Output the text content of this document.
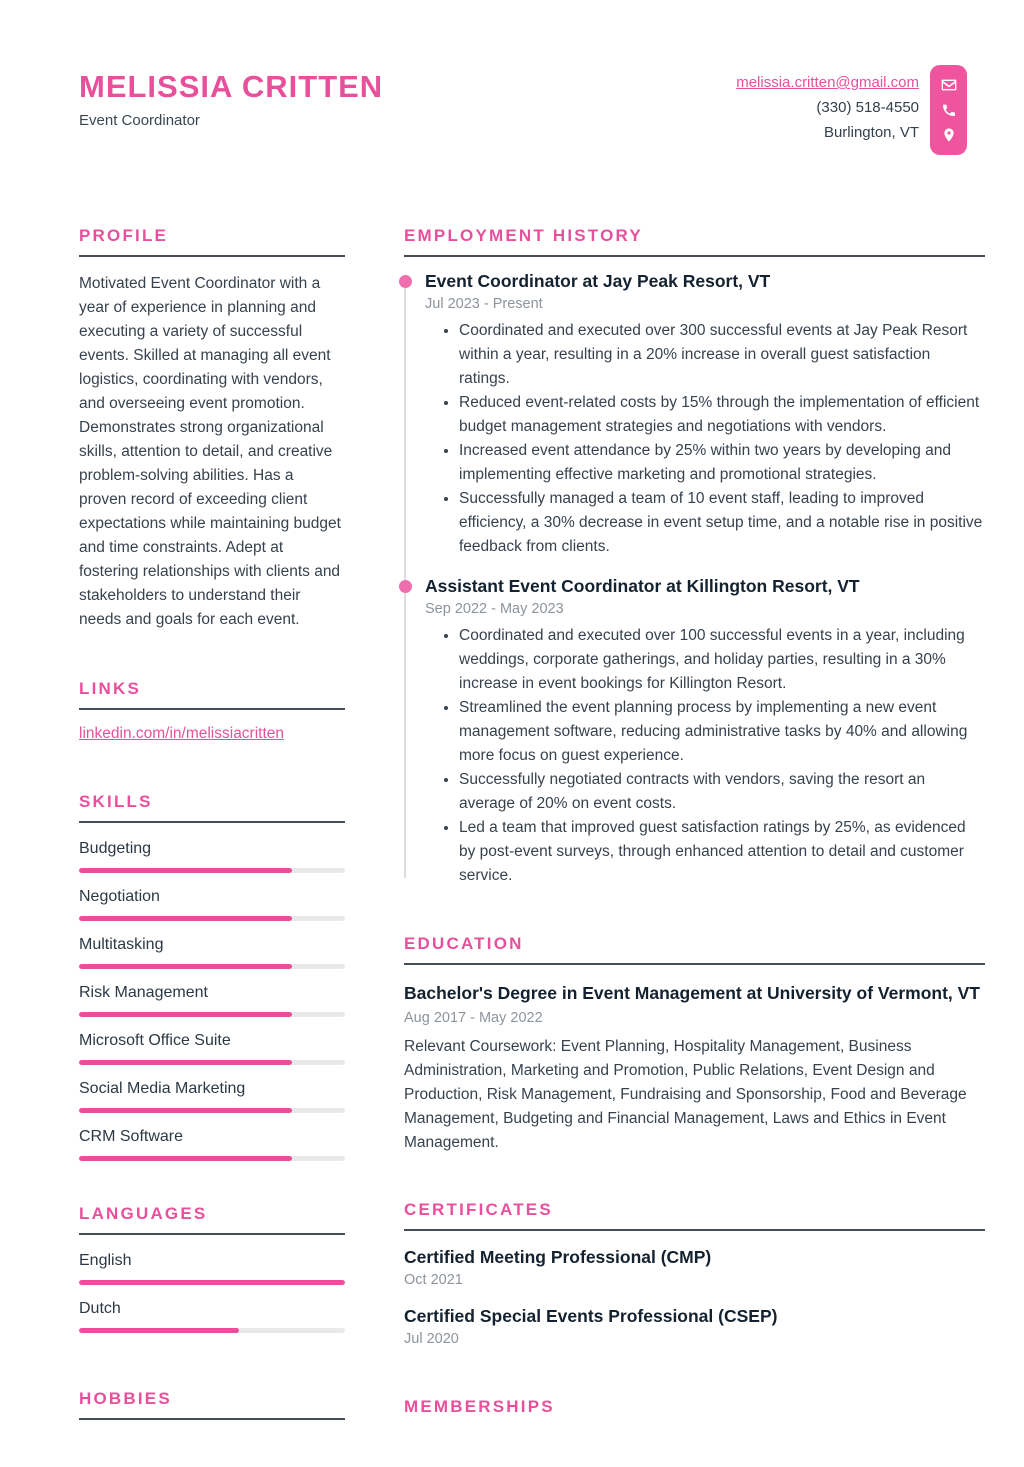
MELISSIA CRITTEN
Event Coordinator
melissia.critten@gmail.com
(330) 518-4550
Burlington, VT
PROFILE
Motivated Event Coordinator with a year of experience in planning and executing a variety of successful events. Skilled at managing all event logistics, coordinating with vendors, and overseeing event promotion. Demonstrates strong organizational skills, attention to detail, and creative problem-solving abilities. Has a proven record of exceeding client expectations while maintaining budget and time constraints. Adept at fostering relationships with clients and stakeholders to understand their needs and goals for each event.
LINKS
linkedin.com/in/melissiacritten
SKILLS
Budgeting
Negotiation
Multitasking
Risk Management
Microsoft Office Suite
Social Media Marketing
CRM Software
LANGUAGES
English
Dutch
HOBBIES
EMPLOYMENT HISTORY
Event Coordinator at Jay Peak Resort, VT
Jul 2023 - Present
• Coordinated and executed over 300 successful events at Jay Peak Resort within a year, resulting in a 20% increase in overall guest satisfaction ratings.
• Reduced event-related costs by 15% through the implementation of efficient budget management strategies and negotiations with vendors.
• Increased event attendance by 25% within two years by developing and implementing effective marketing and promotional strategies.
• Successfully managed a team of 10 event staff, leading to improved efficiency, a 30% decrease in event setup time, and a notable rise in positive feedback from clients.
Assistant Event Coordinator at Killington Resort, VT
Sep 2022 - May 2023
• Coordinated and executed over 100 successful events in a year, including weddings, corporate gatherings, and holiday parties, resulting in a 30% increase in event bookings for Killington Resort.
• Streamlined the event planning process by implementing a new event management software, reducing administrative tasks by 40% and allowing more focus on guest experience.
• Successfully negotiated contracts with vendors, saving the resort an average of 20% on event costs.
• Led a team that improved guest satisfaction ratings by 25%, as evidenced by post-event surveys, through enhanced attention to detail and customer service.
EDUCATION
Bachelor's Degree in Event Management at University of Vermont, VT
Aug 2017 - May 2022
Relevant Coursework: Event Planning, Hospitality Management, Business Administration, Marketing and Promotion, Public Relations, Event Design and Production, Risk Management, Fundraising and Sponsorship, Food and Beverage Management, Budgeting and Financial Management, Laws and Ethics in Event Management.
CERTIFICATES
Certified Meeting Professional (CMP)
Oct 2021
Certified Special Events Professional (CSEP)
Jul 2020
MEMBERSHIPS
